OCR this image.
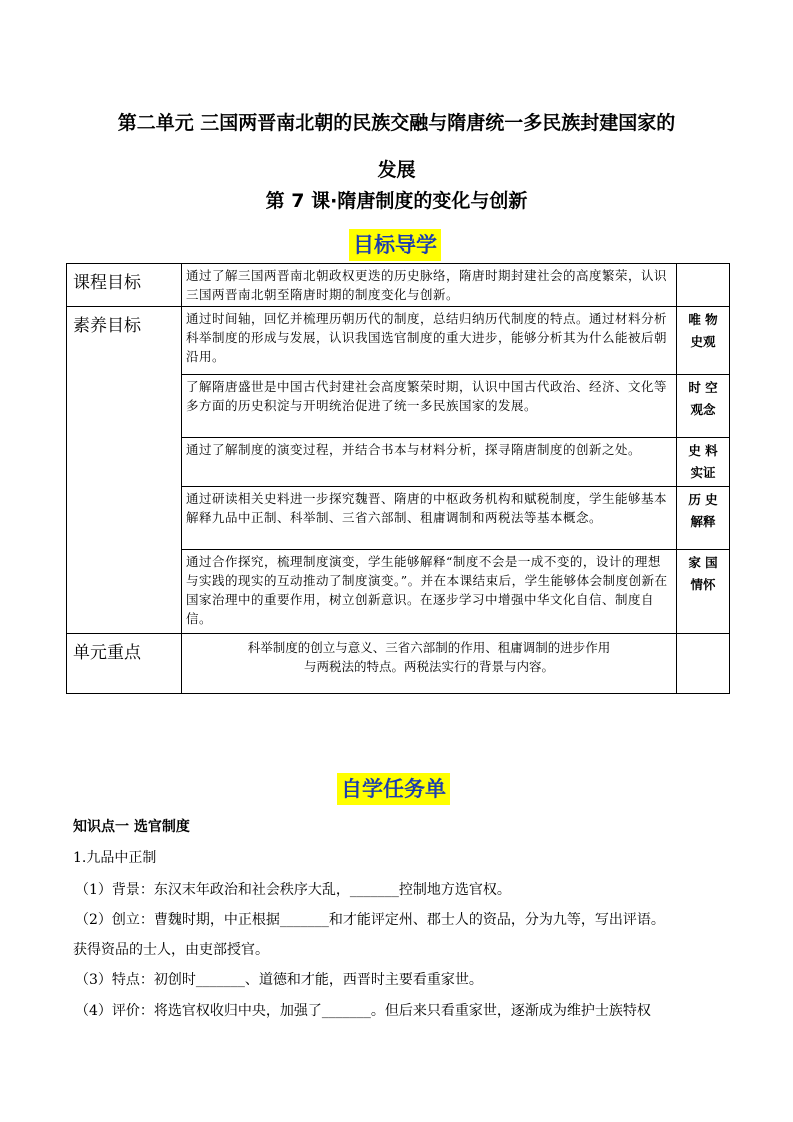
第二单元 三国两晋南北朝的民族交融与隋唐统一多民族封建国家的
发展
第 7 课·隋唐制度的变化与创新
目标导学
课程目标	通过了解三国两晋南北朝政权更迭的历史脉络，隋唐时期封建社会的高度繁荣，认识三国两晋南北朝至隋唐时期的制度变化与创新。	
素养目标	通过时间轴，回忆并梳理历朝历代的制度，总结归纳历代制度的特点。通过材料分析科举制度的形成与发展，认识我国选官制度的重大进步，能够分析其为什么能被后朝沿用。	唯 物 史观
	了解隋唐盛世是中国古代封建社会高度繁荣时期，认识中国古代政治、经济、文化等多方面的历史积淀与开明统治促进了统一多民族国家的发展。	时 空 观念
	通过了解制度的演变过程，并结合书本与材料分析，探寻隋唐制度的创新之处。	史 料 实证
	通过研读相关史料进一步探究魏晋、隋唐的中枢政务机构和赋税制度，学生能够基本解释九品中正制、科举制、三省六部制、租庸调制和两税法等基本概念。	历 史 解释
	通过合作探究，梳理制度演变，学生能够解释“制度不会是一成不变的，设计的理想与实践的现实的互动推动了制度演变。”。并在本课结束后，学生能够体会制度创新在国家治理中的重要作用，树立创新意识。在逐步学习中增强中华文化自信、制度自信。	家 国 情怀
单元重点	科举制度的创立与意义、三省六部制的作用、租庸调制的进步作用
与两税法的特点。两税法实行的背景与内容。	

自学任务单
知识点一 选官制度
1.九品中正制
（1）背景：东汉末年政治和社会秩序大乱，_______控制地方选官权。
（2）创立：曹魏时期，中正根据_______和才能评定州、郡士人的资品，分为九等，写出评语。
获得资品的士人，由吏部授官。
（3）特点：初创时_______、道德和才能，西晋时主要看重家世。
（4）评价：将选官权收归中央，加强了_______。但后来只看重家世，逐渐成为维护士族特权
